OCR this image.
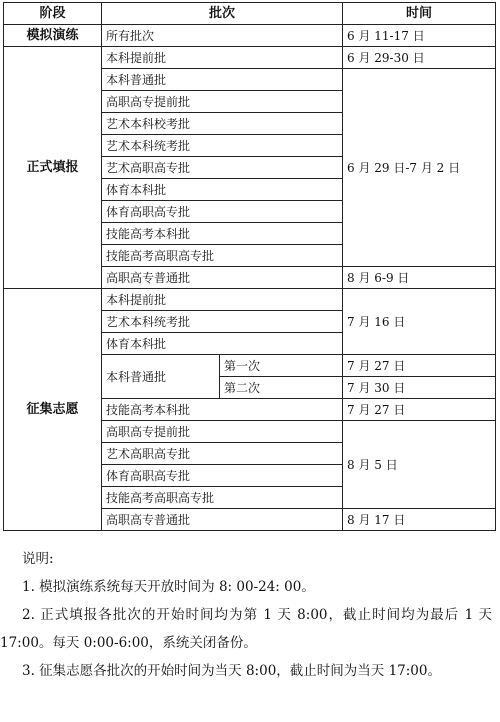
阶段	批次		时间
模拟演练	所有批次		6 月 11-17 日
正式填报	本科提前批		6 月 29-30 日
	本科普通批		6 月 29 日-7 月 2 日
	高职高专提前批		
	艺术本科校考批		
	艺术本科统考批		
	艺术高职高专批		
	体育本科批		
	体育高职高专批		
	技能高考本科批		
	技能高考高职高专批		
	高职高专普通批		8 月 6-9 日
征集志愿	本科提前批		7 月 16 日
	艺术本科统考批		
	体育本科批		
	本科普通批	第一次	7 月 27 日
		第二次	7 月 30 日
	技能高考本科批		7 月 27 日
	高职高专提前批		8 月 5 日
	艺术高职高专批		
	体育高职高专批		
	技能高考高职高专批		
	高职高专普通批		8 月 17 日

说明:

1. 模拟演练系统每天开放时间为 8: 00-24: 00。

2. 正式填报各批次的开始时间均为第 1 天 8:00，截止时间均为最后 1 天 17:00。每天 0:00-6:00，系统关闭备份。

3. 征集志愿各批次的开始时间为当天 8:00，截止时间为当天 17:00。
